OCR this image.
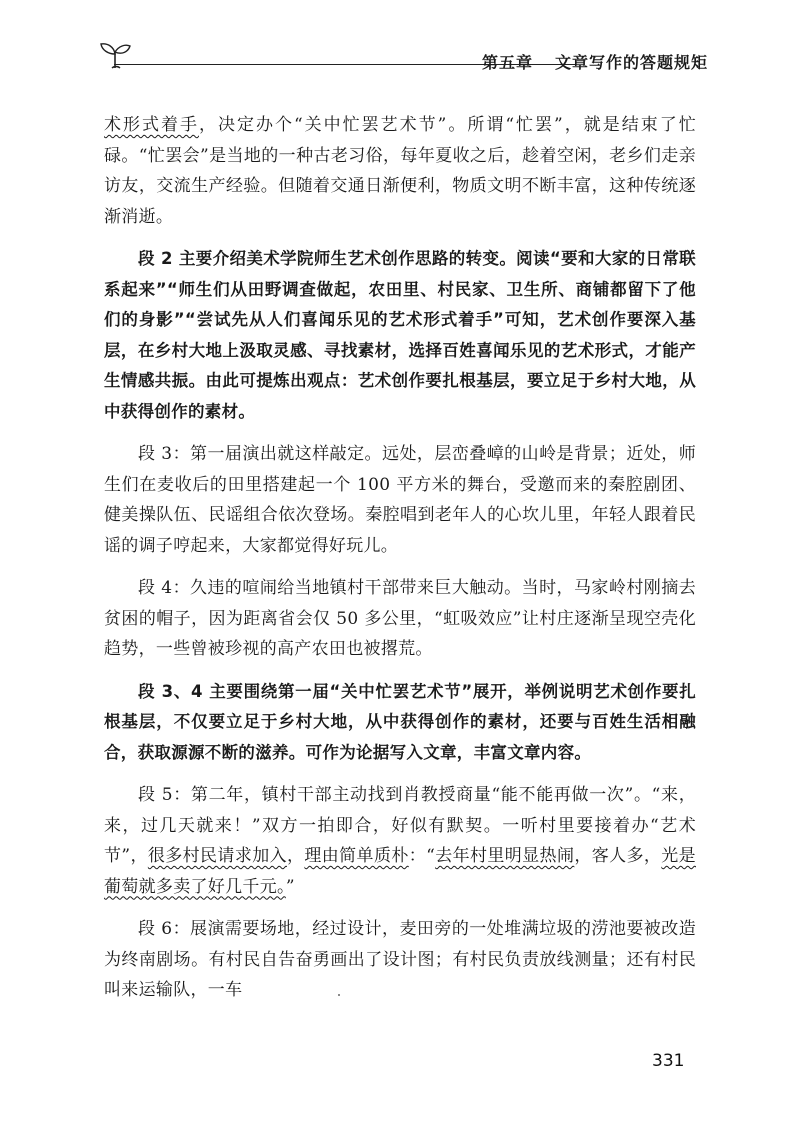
第五章 文章写作的答题规矩

术形式着手，决定办个“关中忙罢艺术节”。所谓“忙罢”，就是结束了忙碌。“忙罢会”是当地的一种古老习俗，每年夏收之后，趁着空闲，老乡们走亲访友，交流生产经验。但随着交通日渐便利，物质文明不断丰富，这种传统逐渐消逝。

段 2 主要介绍美术学院师生艺术创作思路的转变。阅读“要和大家的日常联系起来”“师生们从田野调查做起，农田里、村民家、卫生所、商铺都留下了他们的身影”“尝试先从人们喜闻乐见的艺术形式着手”可知，艺术创作要深入基层，在乡村大地上汲取灵感、寻找素材，选择百姓喜闻乐见的艺术形式，才能产生情感共振。由此可提炼出观点：艺术创作要扎根基层，要立足于乡村大地，从中获得创作的素材。

段 3：第一届演出就这样敲定。远处，层峦叠嶂的山岭是背景；近处，师生们在麦收后的田里搭建起一个 100 平方米的舞台，受邀而来的秦腔剧团、健美操队伍、民谣组合依次登场。秦腔唱到老年人的心坎儿里，年轻人跟着民谣的调子哼起来，大家都觉得好玩儿。

段 4：久违的喧闹给当地镇村干部带来巨大触动。当时，马家岭村刚摘去贫困的帽子，因为距离省会仅 50 多公里，“虹吸效应”让村庄逐渐呈现空壳化趋势，一些曾被珍视的高产农田也被撂荒。

段 3、4 主要围绕第一届“关中忙罢艺术节”展开，举例说明艺术创作要扎根基层，不仅要立足于乡村大地，从中获得创作的素材，还要与百姓生活相融合，获取源源不断的滋养。可作为论据写入文章，丰富文章内容。

段 5：第二年，镇村干部主动找到肖教授商量“能不能再做一次”。“来，来，过几天就来！”双方一拍即合，好似有默契。一听村里要接着办“艺术节”，很多村民请求加入，理由简单质朴：“去年村里明显热闹，客人多，光是葡萄就多卖了好几千元。”

段 6：展演需要场地，经过设计，麦田旁的一处堆满垃圾的涝池要被改造为终南剧场。有村民自告奋勇画出了设计图；有村民负责放线测量；还有村民叫来运输队，一车

331
